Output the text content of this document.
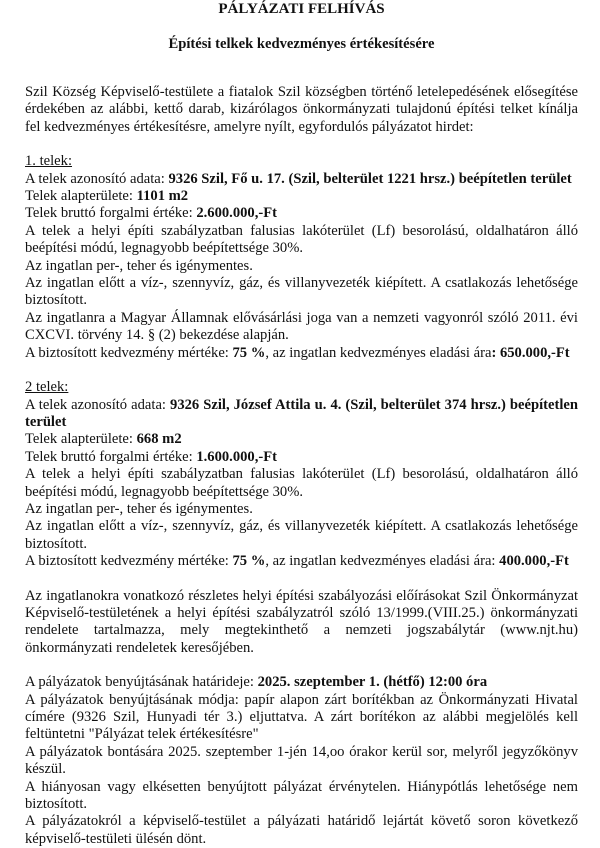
PÁLYÁZATI FELHÍVÁS
Építési telkek kedvezményes értékesítésére

Szil Község Képviselő-testülete a fiatalok Szil községben történő letelepedésének elősegítése érdekében az alábbi, kettő darab, kizárólagos önkormányzati tulajdonú építési telket kínálja fel kedvezményes értékesítésre, amelyre nyílt, egyfordulós pályázatot hirdet:

1. telek:

A telek azonosító adata: 9326 Szil, Fő u. 17. (Szil, belterület 1221 hrsz.) beépítetlen terület

Telek alapterülete: 1101 m2

Telek bruttó forgalmi értéke: 2.600.000,-Ft

A telek a helyi építi szabályzatban falusias lakóterület (Lf) besorolású, oldalhatáron álló beépítési módú, legnagyobb beépítettsége 30%.

Az ingatlan per-, teher és igénymentes.

Az ingatlan előtt a víz-, szennyvíz, gáz, és villanyvezeték kiépített. A csatlakozás lehetősége biztosított.

Az ingatlanra a Magyar Államnak elővásárlási joga van a nemzeti vagyonról szóló 2011. évi CXCVI. törvény 14. § (2) bekezdése alapján.

A biztosított kedvezmény mértéke: 75 %, az ingatlan kedvezményes eladási ára: 650.000,-Ft

2 telek:

A telek azonosító adata: 9326 Szil, József Attila u. 4. (Szil, belterület 374 hrsz.) beépítetlen terület

Telek alapterülete: 668 m2

Telek bruttó forgalmi értéke: 1.600.000,-Ft

A telek a helyi építi szabályzatban falusias lakóterület (Lf) besorolású, oldalhatáron álló beépítési módú, legnagyobb beépítettsége 30%.

Az ingatlan per-, teher és igénymentes.

Az ingatlan előtt a víz-, szennyvíz, gáz, és villanyvezeték kiépített. A csatlakozás lehetősége biztosított.

A biztosított kedvezmény mértéke: 75 %, az ingatlan kedvezményes eladási ára: 400.000,-Ft

Az ingatlanokra vonatkozó részletes helyi építési szabályozási előírásokat Szil Önkormányzat Képviselő-testületének a helyi építési szabályzatról szóló 13/1999.(VIII.25.) önkormányzati rendelete tartalmazza, mely megtekinthető a nemzeti jogszabálytár (www.njt.hu) önkormányzati rendeletek keresőjében.

A pályázatok benyújtásának határideje: 2025. szeptember 1. (hétfő) 12:00 óra

A pályázatok benyújtásának módja: papír alapon zárt borítékban az Önkormányzati Hivatal címére (9326 Szil, Hunyadi tér 3.) eljuttatva. A zárt borítékon az alábbi megjelölés kell feltüntetni "Pályázat telek értékesítésre"

A pályázatok bontására 2025. szeptember 1-jén 14,oo órakor kerül sor, melyről jegyzőkönyv készül.

A hiányosan vagy elkésetten benyújtott pályázat érvénytelen. Hiánypótlás lehetősége nem biztosított.

A pályázatokról a képviselő-testület a pályázati határidő lejártát követő soron következő képviselő-testületi ülésén dönt.
